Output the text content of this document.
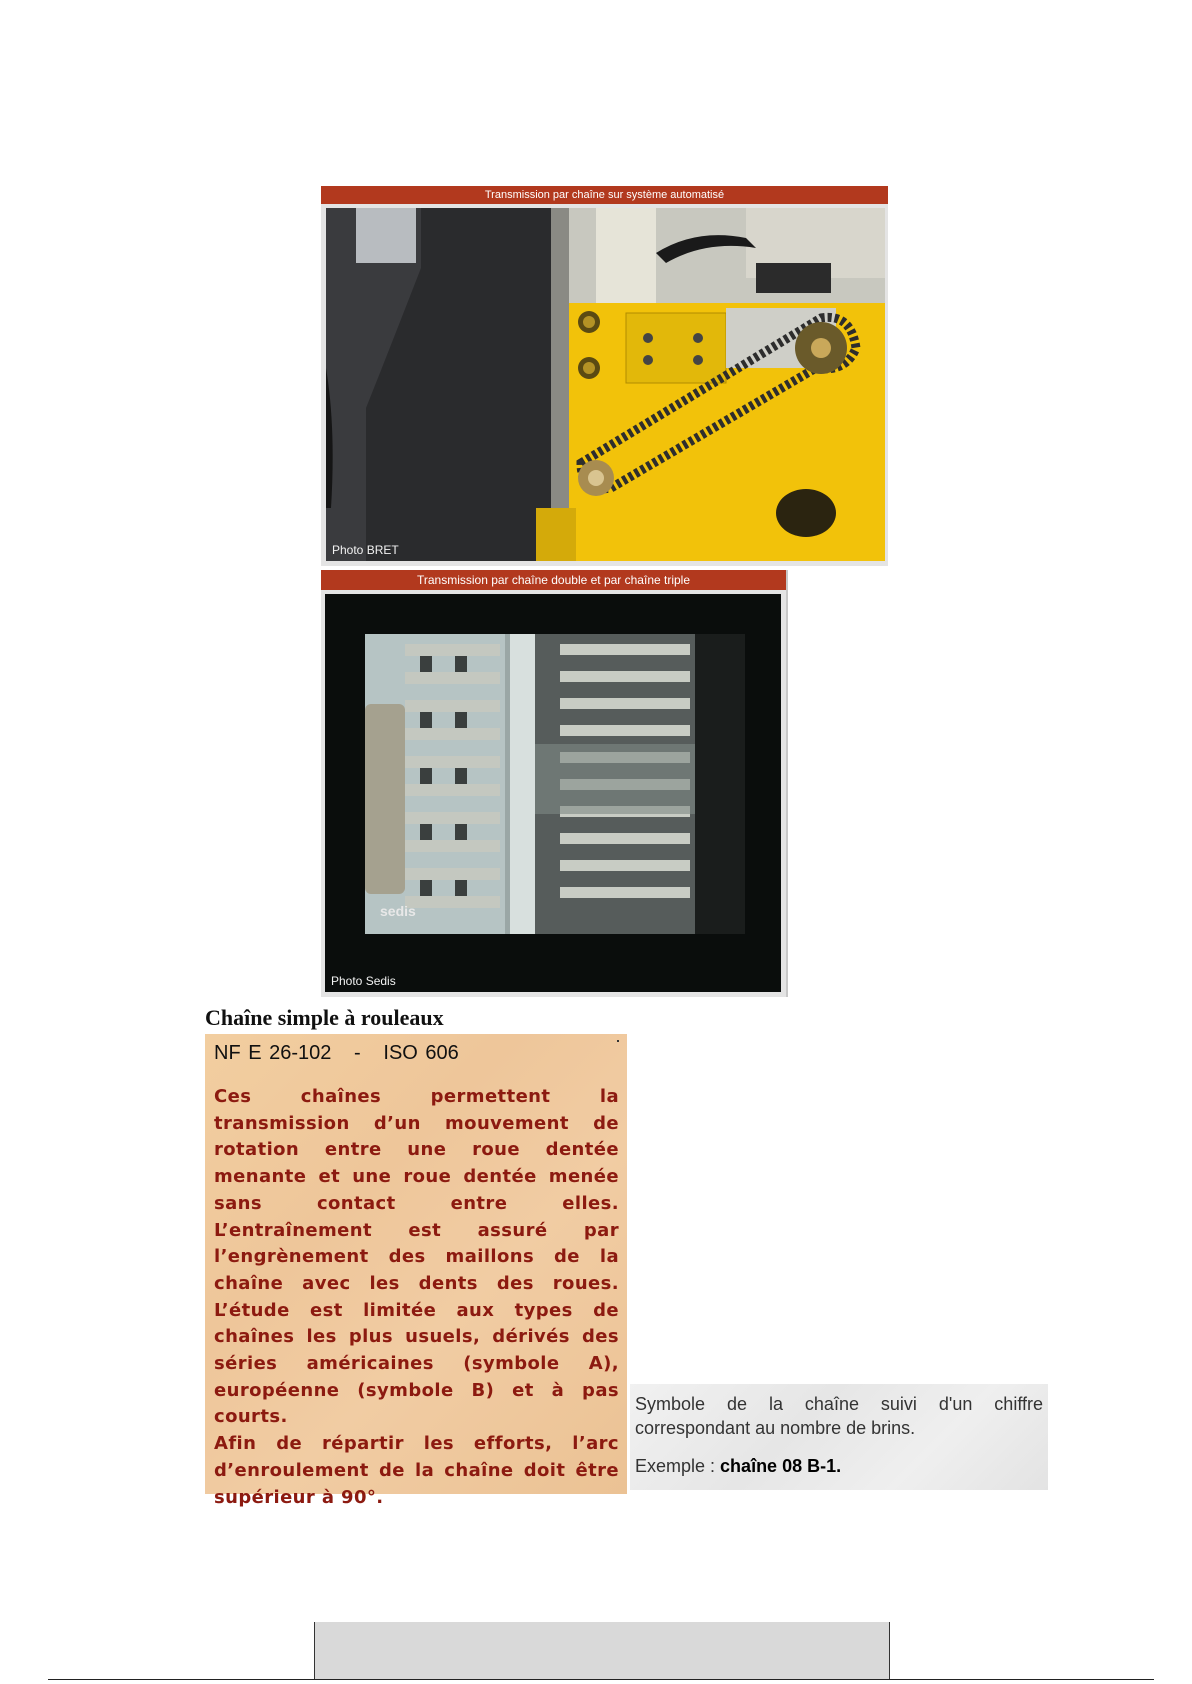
Transmission par chaîne sur système automatisé
Photo BRET
Transmission par chaîne double et par chaîne triple
sedis
Photo Sedis
Chaîne simple à rouleaux
NF E 26-102   -   ISO 606

Ces chaînes permettent la transmission d’un mouvement de rotation entre une roue dentée menante et une roue dentée menée sans contact entre elles. L’entraînement est assuré par l’engrènement des maillons de la chaîne avec les dents des roues. L’étude est limitée aux types de chaînes les plus usuels, dérivés des séries américaines (symbole A), européenne (symbole B) et à pas courts.

Afin de répartir les efforts, l’arc d’enroulement de la chaîne doit être supérieur à 90°.

Symbole de la chaîne suivi d'un chiffre correspondant au nombre de brins.
Exemple : chaîne 08 B-1.
